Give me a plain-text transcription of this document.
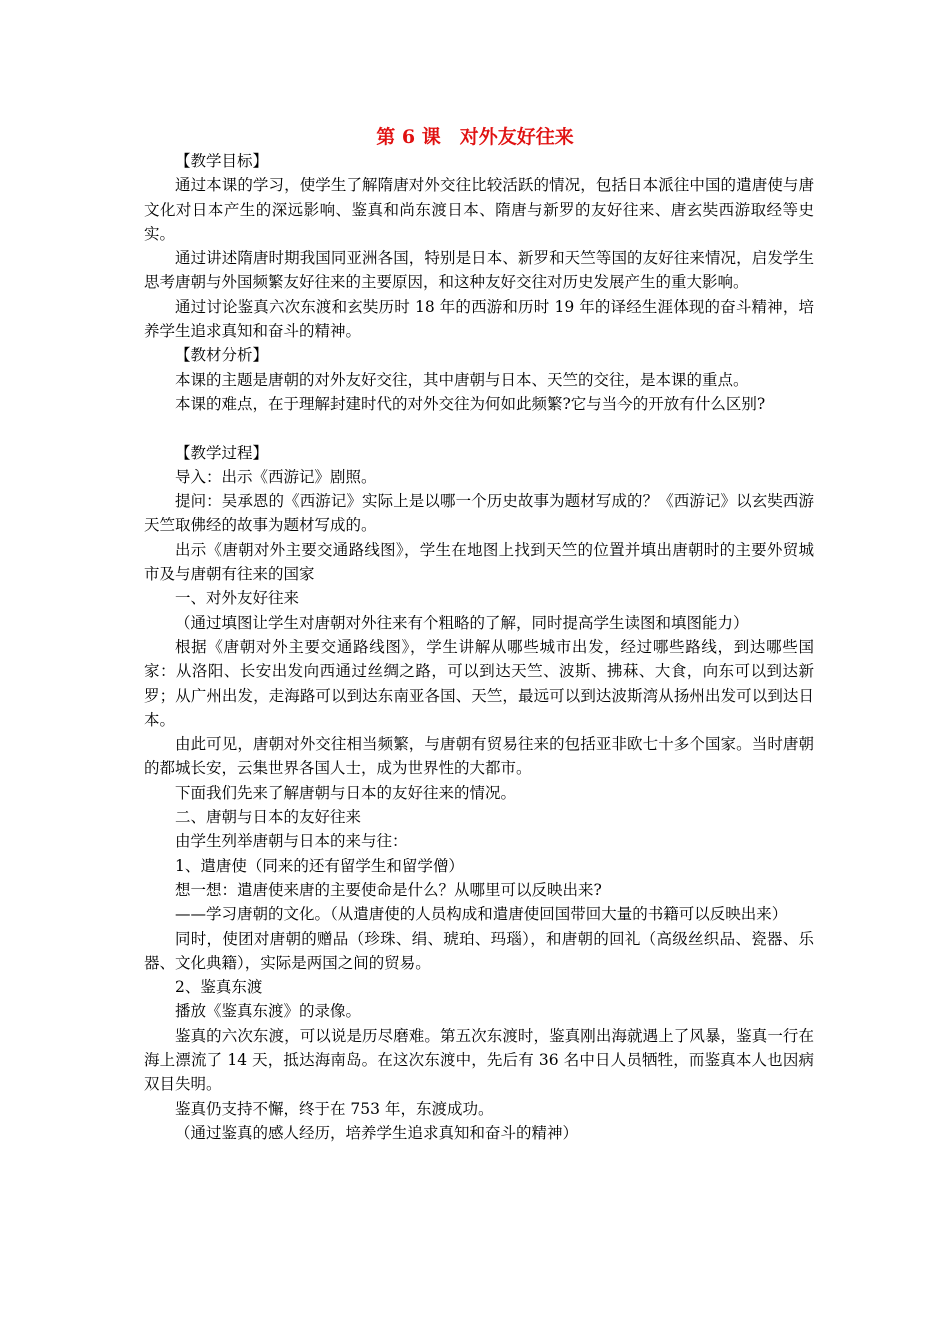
第 6 课　对外友好往来

【教学目标】

通过本课的学习，使学生了解隋唐对外交往比较活跃的情况，包括日本派往中国的遣唐使与唐文化对日本产生的深远影响、鉴真和尚东渡日本、隋唐与新罗的友好往来、唐玄奘西游取经等史实。

通过讲述隋唐时期我国同亚洲各国，特别是日本、新罗和天竺等国的友好往来情况，启发学生思考唐朝与外国频繁友好往来的主要原因，和这种友好交往对历史发展产生的重大影响。

通过讨论鉴真六次东渡和玄奘历时 18 年的西游和历时 19 年的译经生涯体现的奋斗精神，培养学生追求真知和奋斗的精神。

【教材分析】

本课的主题是唐朝的对外友好交往，其中唐朝与日本、天竺的交往，是本课的重点。

本课的难点，在于理解封建时代的对外交往为何如此频繁?它与当今的开放有什么区别?

【教学过程】

导入：出示《西游记》剧照。

提问：吴承恩的《西游记》实际上是以哪一个历史故事为题材写成的？《西游记》以玄奘西游天竺取佛经的故事为题材写成的。

出示《唐朝对外主要交通路线图》，学生在地图上找到天竺的位置并填出唐朝时的主要外贸城市及与唐朝有往来的国家

一、对外友好往来

（通过填图让学生对唐朝对外往来有个粗略的了解，同时提高学生读图和填图能力）

根据《唐朝对外主要交通路线图》，学生讲解从哪些城市出发，经过哪些路线，到达哪些国家：从洛阳、长安出发向西通过丝绸之路，可以到达天竺、波斯、拂菻、大食，向东可以到达新罗；从广州出发，走海路可以到达东南亚各国、天竺，最远可以到达波斯湾从扬州出发可以到达日本。

由此可见，唐朝对外交往相当频繁，与唐朝有贸易往来的包括亚非欧七十多个国家。当时唐朝的都城长安，云集世界各国人士，成为世界性的大都市。

下面我们先来了解唐朝与日本的友好往来的情况。

二、唐朝与日本的友好往来

由学生列举唐朝与日本的来与往：

1、遣唐使（同来的还有留学生和留学僧）

想一想：遣唐使来唐的主要使命是什么？从哪里可以反映出来?

——学习唐朝的文化。（从遣唐使的人员构成和遣唐使回国带回大量的书籍可以反映出来）

同时，使团对唐朝的赠品（珍珠、绢、琥珀、玛瑙），和唐朝的回礼（高级丝织品、瓷器、乐器、文化典籍），实际是两国之间的贸易。

2、鉴真东渡

播放《鉴真东渡》的录像。

鉴真的六次东渡，可以说是历尽磨难。第五次东渡时，鉴真刚出海就遇上了风暴，鉴真一行在海上漂流了 14 天，抵达海南岛。在这次东渡中，先后有 36 名中日人员牺牲，而鉴真本人也因病双目失明。

鉴真仍支持不懈，终于在 753 年，东渡成功。

（通过鉴真的感人经历，培养学生追求真知和奋斗的精神）
